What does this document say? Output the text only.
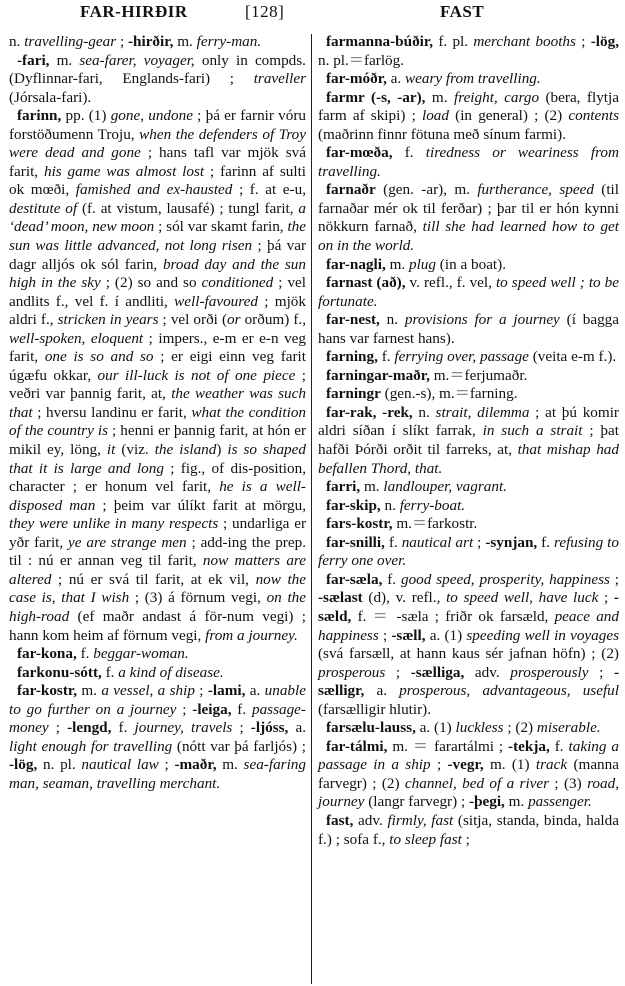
FAR-HIRÐIR	[128]	FAST

n. travelling-gear ; -hirðir, m. ferry-man.

-fari, m. sea-farer, voyager, only in compds. (Dyflinnar-fari, Englands-fari) ; traveller (Jórsala-fari).

farinn, pp. (1) gone, undone ; þá er farnir vóru forstöðumenn Troju, when the defenders of Troy were dead and gone ; hans tafl var mjök svá farit, his game was almost lost ; farinn af sulti ok mœði, famished and ex-hausted ; f. at e-u, destitute of (f. at vistum, lausafé) ; tungl farit, a ‘dead’ moon, new moon ; sól var skamt farin, the sun was little advanced, not long risen ; þá var dagr alljós ok sól farin, broad day and the sun high in the sky ; (2) so and so conditioned ; vel andlits f., vel f. í andliti, well-favoured ; mjök aldri f., stricken in years ; vel orði (or orðum) f., well-spoken, eloquent ; impers., e-m er e-n veg farit, one is so and so ; er eigi einn veg farit úgæfu okkar, our ill-luck is not of one piece ; veðri var þannig farit, at, the weather was such that ; hversu landinu er farit, what the condition of the country is ; henni er þannig farit, at hón er mikil ey, löng, it (viz. the island) is so shaped that it is large and long ; fig., of dis-position, character ; er honum vel farit, he is a well-disposed man ; þeim var úlíkt farit at mörgu, they were unlike in many respects ; undarliga er yðr farit, ye are strange men ; add-ing the prep. til : nú er annan veg til farit, now matters are altered ; nú er svá til farit, at ek vil, now the case is, that I wish ; (3) á förnum vegi, on the high-road (ef maðr andast á för-num vegi) ; hann kom heim af förnum vegi, from a journey.

far-kona, f. beggar-woman.

farkonu-sótt, f. a kind of disease.

far-kostr, m. a vessel, a ship ; -lami, a. unable to go further on a journey ; -leiga, f. passage-money ; -lengd, f. journey, travels ; -ljóss, a. light enough for travelling (nótt var þá farljós) ; -lög, n. pl. nautical law ; -maðr, m. sea-faring man, seaman, travelling merchant.

farmanna-búðir, f. pl. merchant booths ; -lög, n. pl.＝farlög.

far-móðr, a. weary from travelling.

farmr (-s, -ar), m. freight, cargo (bera, flytja farm af skipi) ; load (in general) ; (2) contents (maðrinn finnr fötuna með sínum farmi).

far-mœða, f. tiredness or weariness from travelling.

farnaðr (gen. -ar), m. furtherance, speed (til farnaðar mér ok til ferðar) ; þar til er hón kynni nökkurn farnað, till she had learned how to get on in the world.

far-nagli, m. plug (in a boat).

farnast (að), v. refl., f. vel, to speed well ; to be fortunate.

far-nest, n. provisions for a journey (í bagga hans var farnest hans).

farning, f. ferrying over, passage (veita e-m f.).

farningar-maðr, m.＝ferjumaðr.

farningr (gen.-s), m.＝farning.

far-rak, -rek, n. strait, dilemma ; at þú komir aldri síðan í slíkt farrak, in such a strait ; þat hafði Þórði orðit til farreks, at, that mishap had befallen Thord, that.

farri, m. landlouper, vagrant.

far-skip, n. ferry-boat.

fars-kostr, m.＝farkostr.

far-snilli, f. nautical art ; -synjan, f. refusing to ferry one over.

far-sæla, f. good speed, prosperity, happiness ; -sælast (d), v. refl., to speed well, have luck ; -sæld, f. ＝ -sæla ; friðr ok farsæld, peace and happiness ; -sæll, a. (1) speeding well in voyages (svá farsæll, at hann kaus sér jafnan höfn) ; (2) prosperous ; -sælliga, adv. prosperously ; -sælligr, a. prosperous, advantageous, useful (farsælligir hlutir).

farsælu-lauss, a. (1) luckless ; (2) miserable.

far-tálmi, m. ＝ farartálmi ; -tekja, f. taking a passage in a ship ; -vegr, m. (1) track (manna farvegr) ; (2) channel, bed of a river ; (3) road, journey (langr farvegr) ; -þegi, m. passenger.

fast, adv. firmly, fast (sitja, standa, binda, halda f.) ; sofa f., to sleep fast ;
